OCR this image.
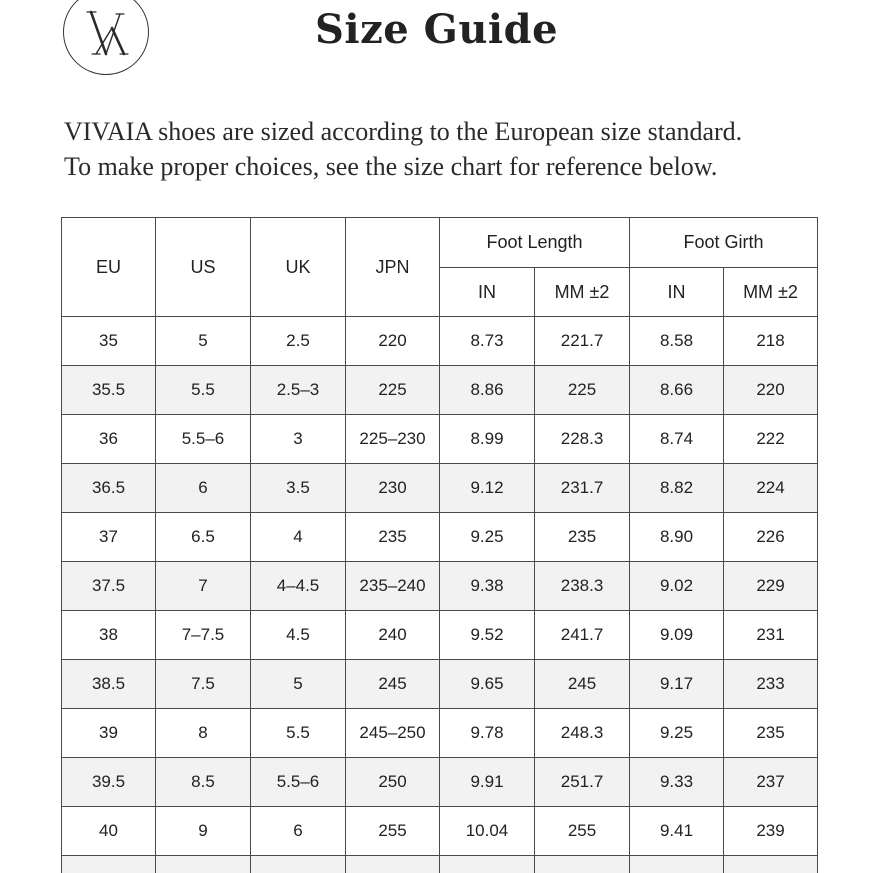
Size Guide
VIVAIA shoes are sized according to the European size standard.
To make proper choices, see the size chart for reference below.
EU	US	UK	JPN	Foot Length		Foot Girth	
				IN	MM ±2	IN	MM ±2
35	5	2.5	220	8.73	221.7	8.58	218
35.5	5.5	2.5–3	225	8.86	225	8.66	220
36	5.5–6	3	225–230	8.99	228.3	8.74	222
36.5	6	3.5	230	9.12	231.7	8.82	224
37	6.5	4	235	9.25	235	8.90	226
37.5	7	4–4.5	235–240	9.38	238.3	9.02	229
38	7–7.5	4.5	240	9.52	241.7	9.09	231
38.5	7.5	5	245	9.65	245	9.17	233
39	8	5.5	245–250	9.78	248.3	9.25	235
39.5	8.5	5.5–6	250	9.91	251.7	9.33	237
40	9	6	255	10.04	255	9.41	239
